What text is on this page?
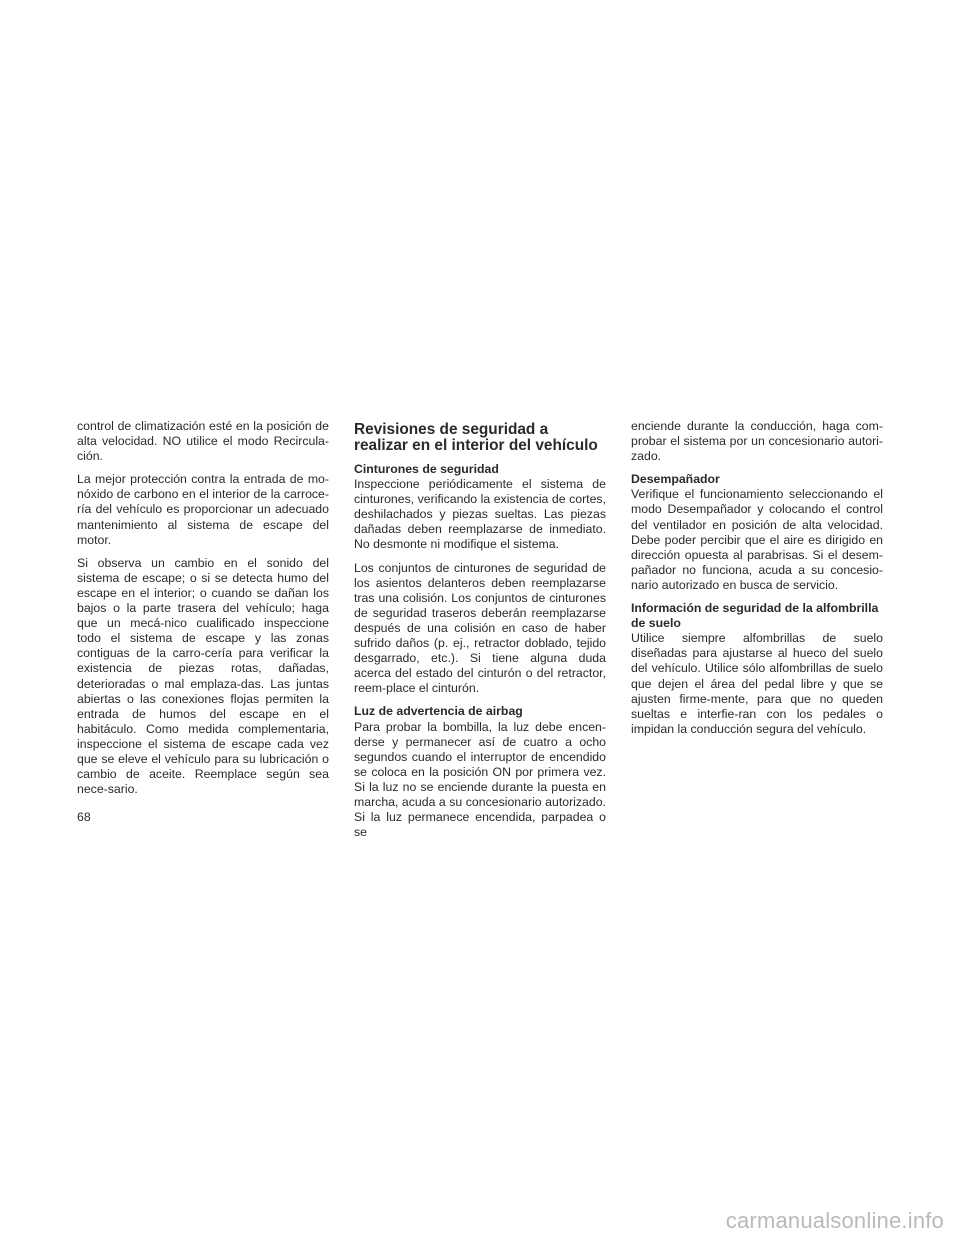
control de climatización esté en la posición de alta velocidad. NO utilice el modo Recircula-ción.

La mejor protección contra la entrada de mo-nóxido de carbono en el interior de la carroce-ría del vehículo es proporcionar un adecuado mantenimiento al sistema de escape del motor.

Si observa un cambio en el sonido del sistema de escape; o si se detecta humo del escape en el interior; o cuando se dañan los bajos o la parte trasera del vehículo; haga que un mecá-nico cualificado inspeccione todo el sistema de escape y las zonas contiguas de la carro-cería para verificar la existencia de piezas rotas, dañadas, deterioradas o mal emplaza-das. Las juntas abiertas o las conexiones flojas permiten la entrada de humos del escape en el habitáculo. Como medida complementaria, inspeccione el sistema de escape cada vez que se eleve el vehículo para su lubricación o cambio de aceite. Reemplace según sea nece-sario.

Revisiones de seguridad a realizar en el interior del vehículo

Cinturones de seguridad
Inspeccione periódicamente el sistema de cinturones, verificando la existencia de cortes, deshilachados y piezas sueltas. Las piezas dañadas deben reemplazarse de inmediato. No desmonte ni modifique el sistema.

Los conjuntos de cinturones de seguridad de los asientos delanteros deben reemplazarse tras una colisión. Los conjuntos de cinturones de seguridad traseros deberán reemplazarse después de una colisión en caso de haber sufrido daños (p. ej., retractor doblado, tejido desgarrado, etc.). Si tiene alguna duda acerca del estado del cinturón o del retractor, reem-place el cinturón.

Luz de advertencia de airbag
Para probar la bombilla, la luz debe encen-derse y permanecer así de cuatro a ocho segundos cuando el interruptor de encendido se coloca en la posición ON por primera vez. Si la luz no se enciende durante la puesta en marcha, acuda a su concesionario autorizado. Si la luz permanece encendida, parpadea o se

enciende durante la conducción, haga com-probar el sistema por un concesionario autori-zado.

Desempañador
Verifique el funcionamiento seleccionando el modo Desempañador y colocando el control del ventilador en posición de alta velocidad. Debe poder percibir que el aire es dirigido en dirección opuesta al parabrisas. Si el desem-pañador no funciona, acuda a su concesio-nario autorizado en busca de servicio.

Información de seguridad de la alfombrilla de suelo
Utilice siempre alfombrillas de suelo diseñadas para ajustarse al hueco del suelo del vehículo. Utilice sólo alfombrillas de suelo que dejen el área del pedal libre y que se ajusten firme-mente, para que no queden sueltas e interfie-ran con los pedales o impidan la conducción segura del vehículo.

68
carmanualsonline.info
